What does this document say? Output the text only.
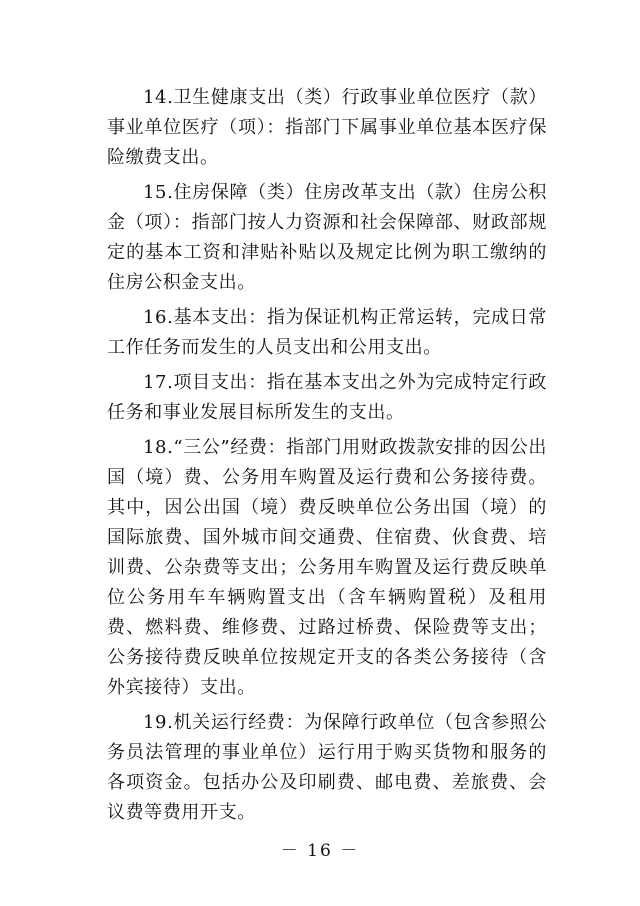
14.卫生健康支出（类）行政事业单位医疗（款）事业单位医疗（项）：指部门下属事业单位基本医疗保险缴费支出。

15.住房保障（类）住房改革支出（款）住房公积金（项）：指部门按人力资源和社会保障部、财政部规定的基本工资和津贴补贴以及规定比例为职工缴纳的住房公积金支出。

16.基本支出：指为保证机构正常运转，完成日常工作任务而发生的人员支出和公用支出。

17.项目支出：指在基本支出之外为完成特定行政任务和事业发展目标所发生的支出。

18.“三公”经费：指部门用财政拨款安排的因公出国（境）费、公务用车购置及运行费和公务接待费。其中，因公出国（境）费反映单位公务出国（境）的国际旅费、国外城市间交通费、住宿费、伙食费、培训费、公杂费等支出；公务用车购置及运行费反映单位公务用车车辆购置支出（含车辆购置税）及租用费、燃料费、维修费、过路过桥费、保险费等支出；公务接待费反映单位按规定开支的各类公务接待（含外宾接待）支出。

19.机关运行经费：为保障行政单位（包含参照公务员法管理的事业单位）运行用于购买货物和服务的各项资金。包括办公及印刷费、邮电费、差旅费、会议费等费用开支。

－ 16 －
